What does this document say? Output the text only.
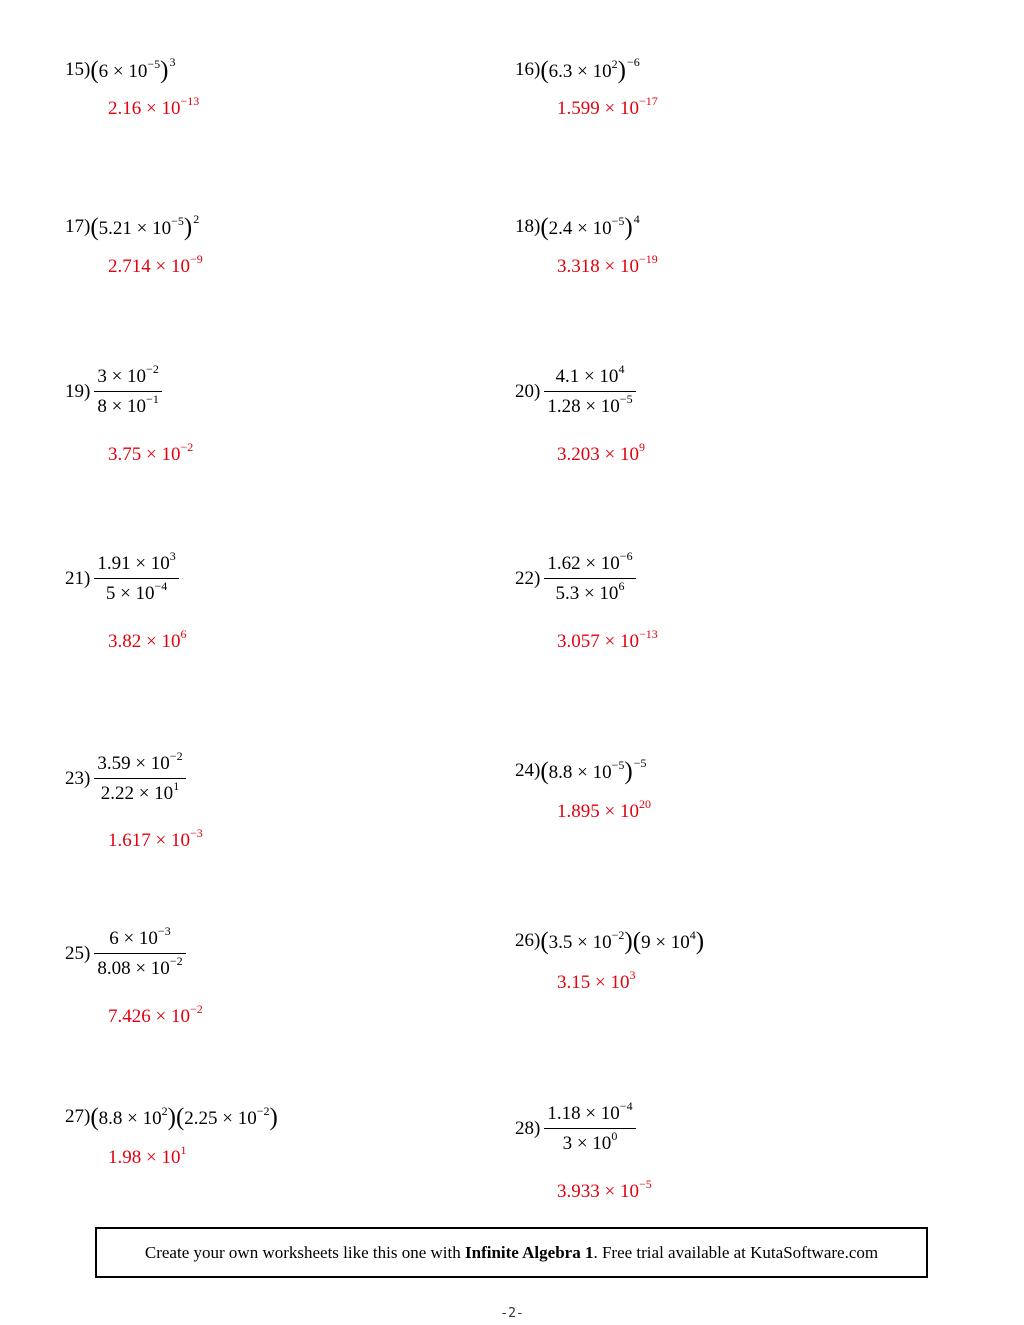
$15)(6 \times 10^{-5})^3$
$2.16 \times 10^{-13}$
$16)(6.3 \times 10^2)^{-6}$
$1.599 \times 10^{-17}$
$17)(5.21 \times 10^{-5})^2$
$2.714 \times 10^{-9}$
$18)(2.4 \times 10^{-5})^4$
$3.318 \times 10^{-19}$
$19) \frac{3 \times 10^{-2}}{8 \times 10^{-1}}$
$3.75 \times 10^{-2}$
$20) \frac{4.1 \times 10^4}{1.28 \times 10^{-5}}$
$3.203 \times 10^9$
$21) \frac{1.91 \times 10^3}{5 \times 10^{-4}}$
$3.82 \times 10^6$
$22) \frac{1.62 \times 10^{-6}}{5.3 \times 10^6}$
$3.057 \times 10^{-13}$
$23) \frac{3.59 \times 10^{-2}}{2.22 \times 10^1}$
$1.617 \times 10^{-3}$
$24)(8.8 \times 10^{-5})^{-5}$
$1.895 \times 10^{20}$
$25) \frac{6 \times 10^{-3}}{8.08 \times 10^{-2}}$
$7.426 \times 10^{-2}$
$26)(3.5 \times 10^{-2})(9 \times 10^4)$
$3.15 \times 10^3$
$27)(8.8 \times 10^2)(2.25 \times 10^{-2})$
$1.98 \times 10^1$
$28) \frac{1.18 \times 10^{-4}}{3 \times 10^0}$
$3.933 \times 10^{-5}$
Create your own worksheets like this one with Infinite Algebra 1. Free trial available at KutaSoftware.com
-2-
